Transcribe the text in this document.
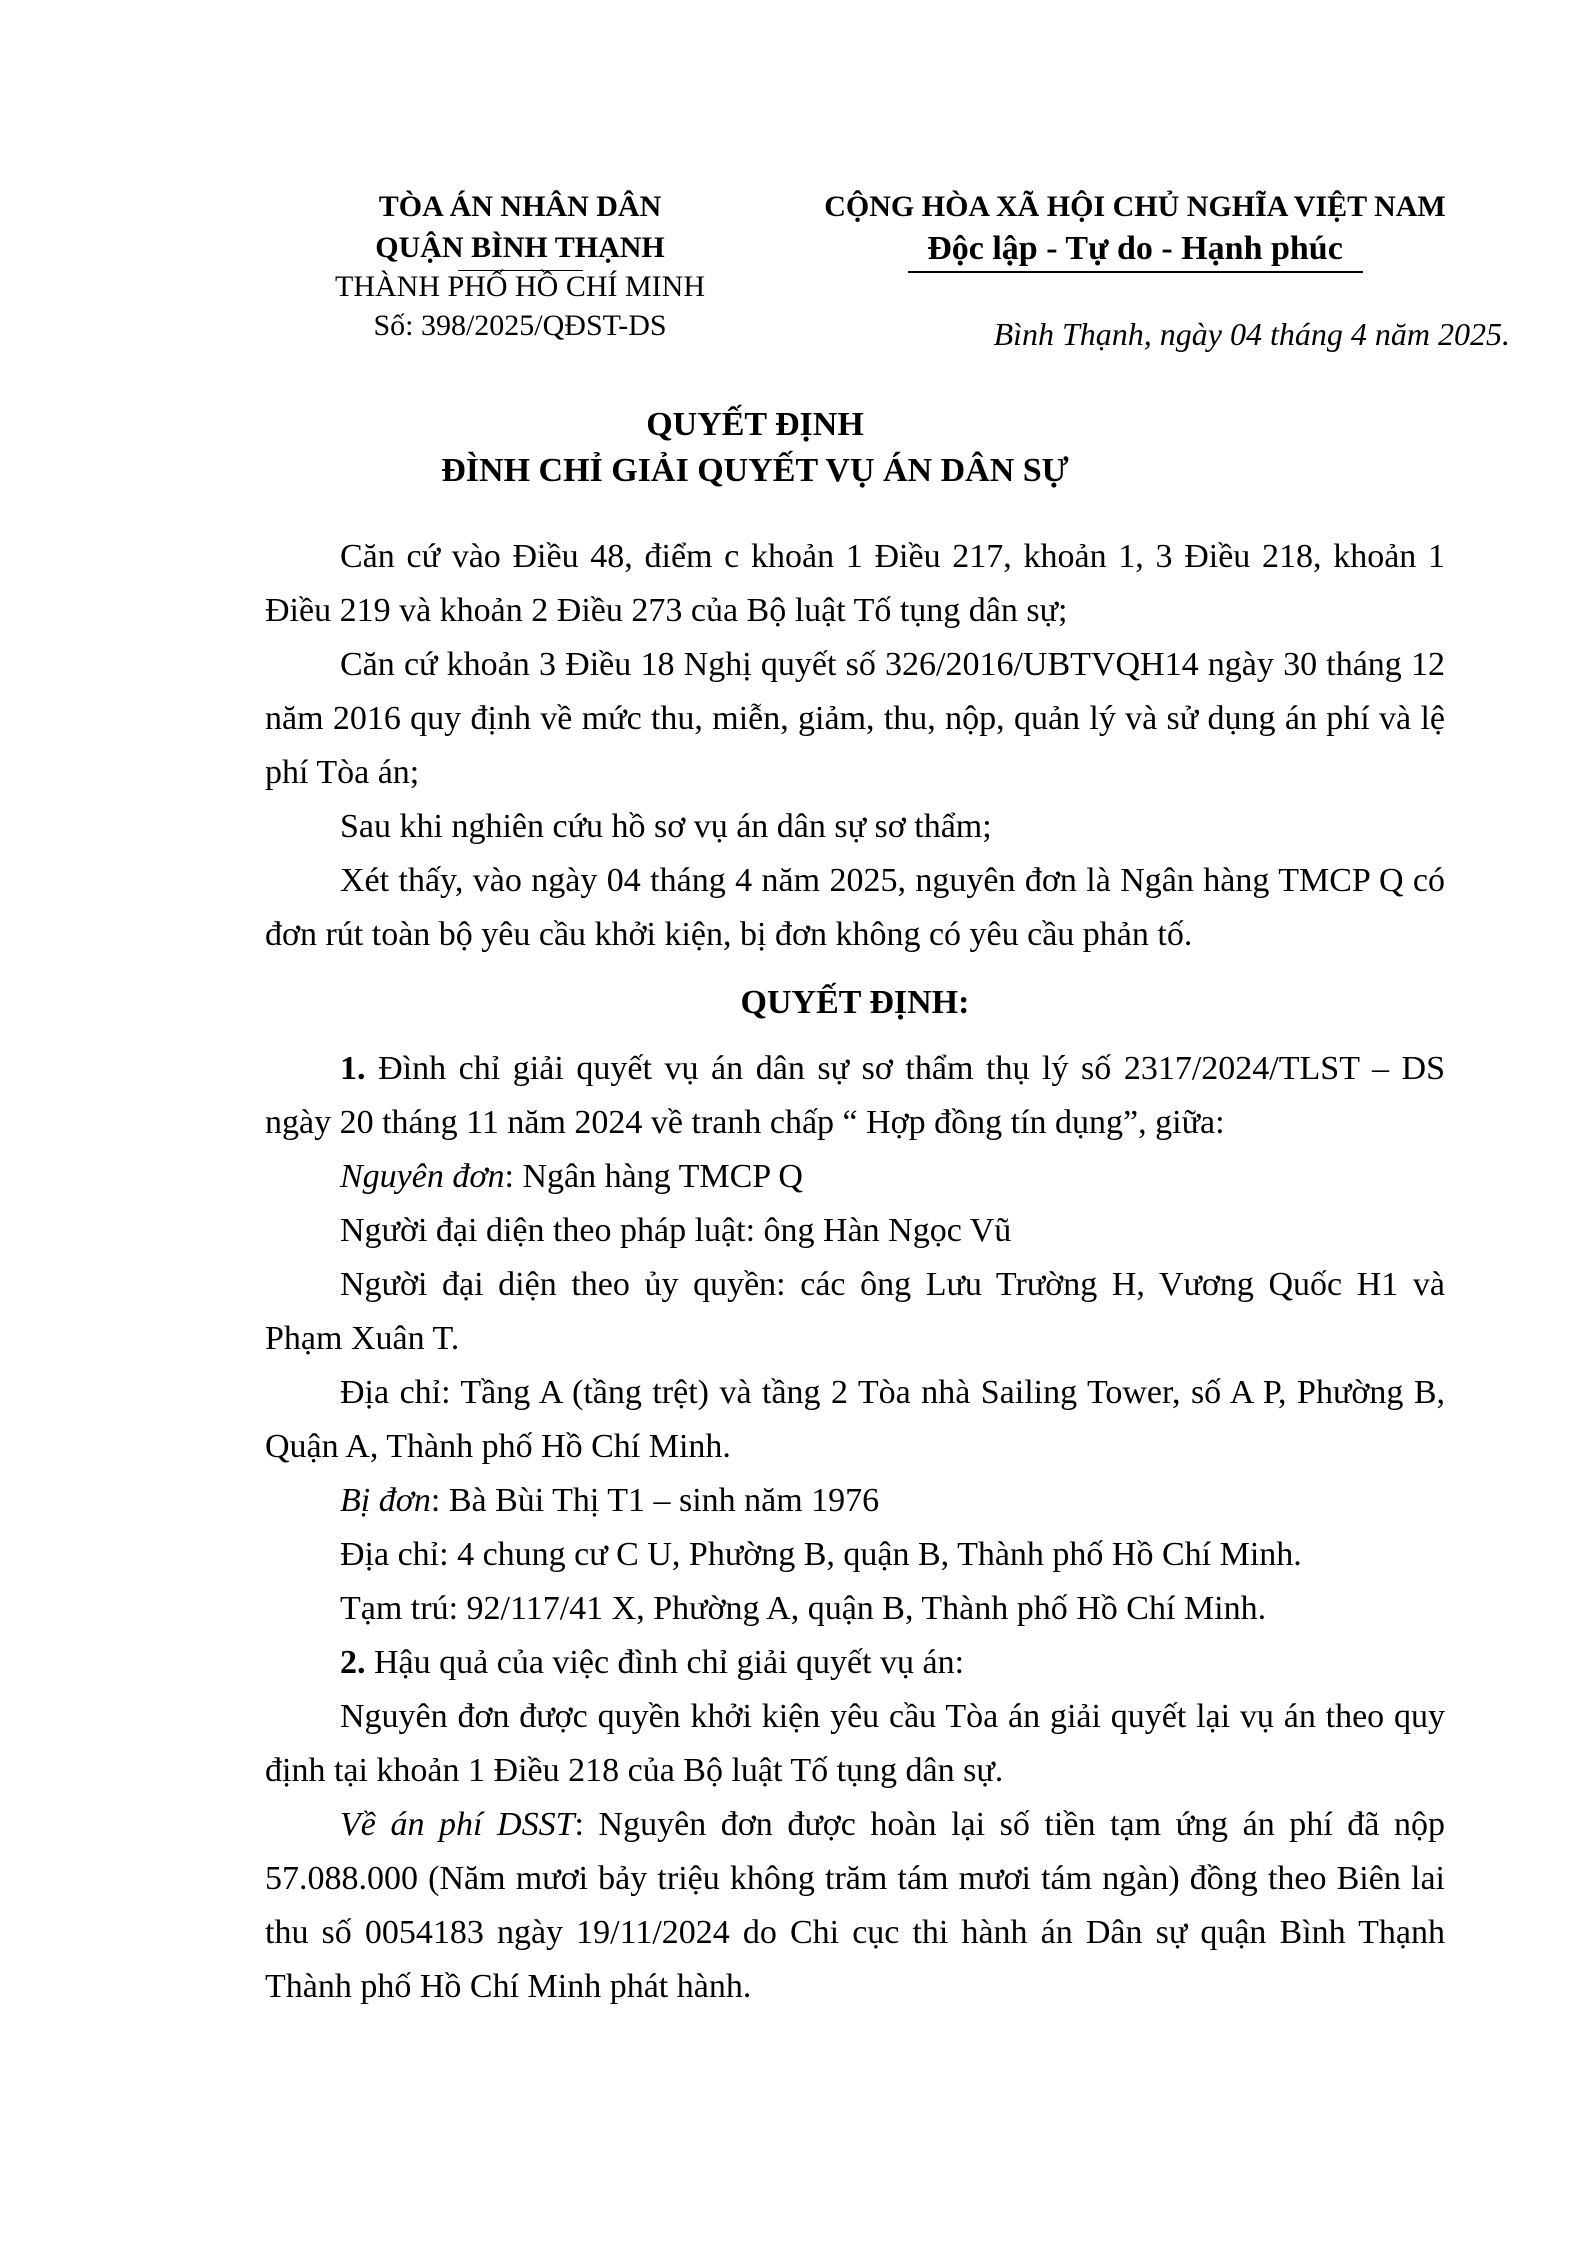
TÒA ÁN NHÂN DÂN
QUẬN BÌNH THẠNH
THÀNH PHỐ HỒ CHÍ MINH
Số: 398/2025/QĐST-DS
CỘNG HÒA XÃ HỘI CHỦ NGHĨA VIỆT NAM
Độc lập - Tự do - Hạnh phúc
Bình Thạnh, ngày 04 tháng 4 năm 2025.
QUYẾT ĐỊNH
ĐÌNH CHỈ GIẢI QUYẾT VỤ ÁN DÂN SỰ

Căn cứ vào Điều 48, điểm c khoản 1 Điều 217, khoản 1, 3 Điều 218, khoản 1 Điều 219 và khoản 2 Điều 273 của Bộ luật Tố tụng dân sự;

Căn cứ khoản 3 Điều 18 Nghị quyết số 326/2016/UBTVQH14 ngày 30 tháng 12 năm 2016 quy định về mức thu, miễn, giảm, thu, nộp, quản lý và sử dụng án phí và lệ phí Tòa án;

Sau khi nghiên cứu hồ sơ vụ án dân sự sơ thẩm;

Xét thấy, vào ngày 04 tháng 4 năm 2025, nguyên đơn là Ngân hàng TMCP Q có đơn rút toàn bộ yêu cầu khởi kiện, bị đơn không có yêu cầu phản tố.

QUYẾT ĐỊNH:

1. Đình chỉ giải quyết vụ án dân sự sơ thẩm thụ lý số 2317/2024/TLST – DS ngày 20 tháng 11 năm 2024 về tranh chấp “ Hợp đồng tín dụng”, giữa:

Nguyên đơn: Ngân hàng TMCP Q

Người đại diện theo pháp luật: ông Hàn Ngọc Vũ

Người đại diện theo ủy quyền: các ông Lưu Trường H, Vương Quốc H1 và Phạm Xuân T.

Địa chỉ: Tầng A (tầng trệt) và tầng 2 Tòa nhà Sailing Tower, số A P, Phường B, Quận A, Thành phố Hồ Chí Minh.

Bị đơn: Bà Bùi Thị T1 – sinh năm 1976

Địa chỉ: 4 chung cư C U, Phường B, quận B, Thành phố Hồ Chí Minh.

Tạm trú: 92/117/41 X, Phường A, quận B, Thành phố Hồ Chí Minh.

2. Hậu quả của việc đình chỉ giải quyết vụ án:

Nguyên đơn được quyền khởi kiện yêu cầu Tòa án giải quyết lại vụ án theo quy định tại khoản 1 Điều 218 của Bộ luật Tố tụng dân sự.

Về án phí DSST: Nguyên đơn được hoàn lại số tiền tạm ứng án phí đã nộp 57.088.000 (Năm mươi bảy triệu không trăm tám mươi tám ngàn) đồng theo Biên lai thu số 0054183 ngày 19/11/2024 do Chi cục thi hành án Dân sự quận Bình Thạnh Thành phố Hồ Chí Minh phát hành.
